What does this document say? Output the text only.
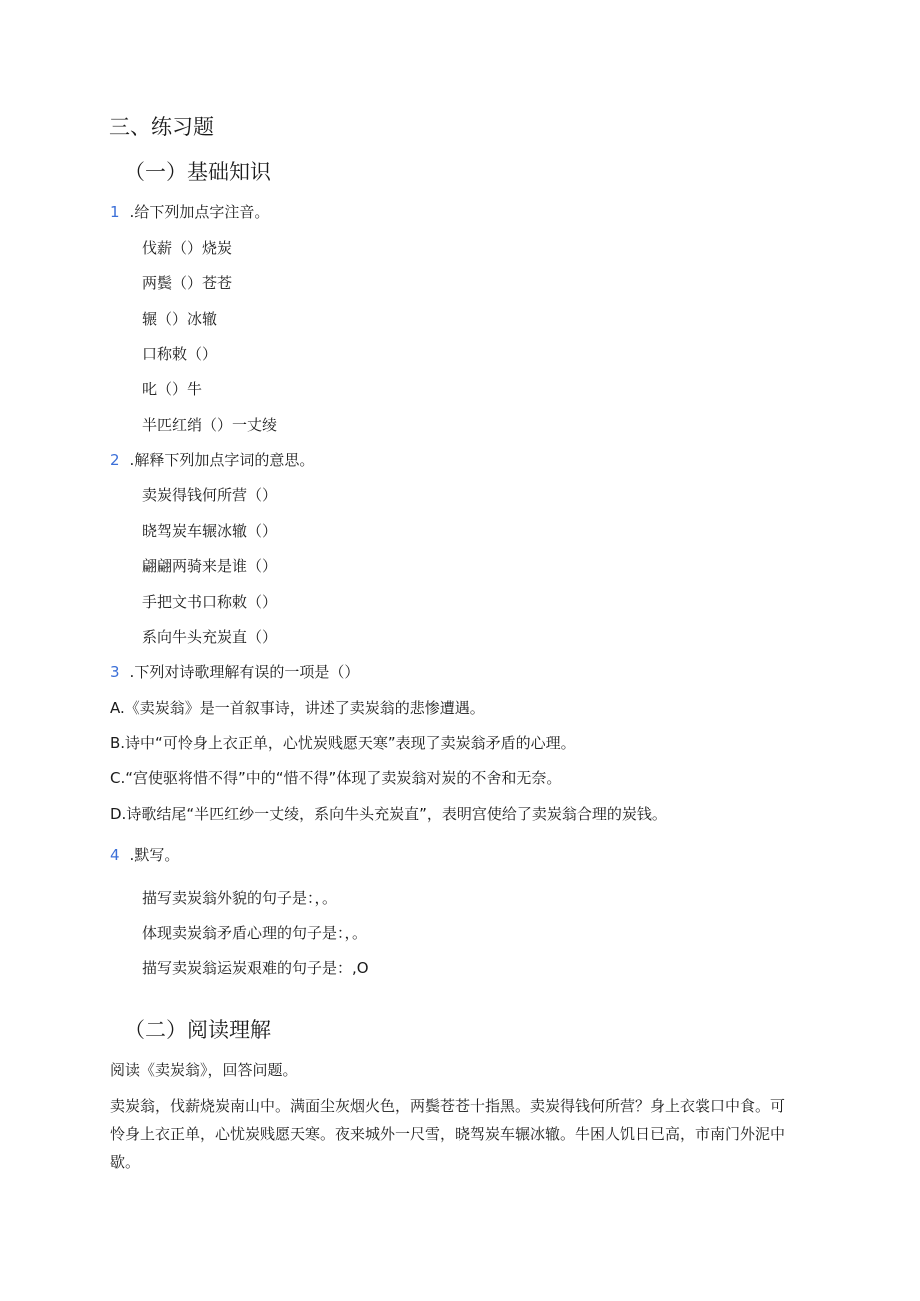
三、练习题
（一）基础知识
1 .给下列加点字注音。
伐薪（）烧炭
两鬓（）苍苍
辗（）冰辙
口称敕（）
叱（）牛
半匹红绡（）一丈绫
2 .解释下列加点字词的意思。
卖炭得钱何所营（）
晓驾炭车辗冰辙（）
翩翩两骑来是谁（）
手把文书口称敕（）
系向牛头充炭直（）
3 .下列对诗歌理解有误的一项是（）
A.《卖炭翁》是一首叙事诗，讲述了卖炭翁的悲惨遭遇。
B.诗中“可怜身上衣正单，心忧炭贱愿天寒”表现了卖炭翁矛盾的心理。
C.“宫使驱将惜不得”中的“惜不得”体现了卖炭翁对炭的不舍和无奈。
D.诗歌结尾“半匹红纱一丈绫，系向牛头充炭直”，表明宫使给了卖炭翁合理的炭钱。
4 .默写。
描写卖炭翁外貌的句子是：，。
体现卖炭翁矛盾心理的句子是：，。
描写卖炭翁运炭艰难的句子是：,O
（二）阅读理解
阅读《卖炭翁》，回答问题。
卖炭翁，伐薪烧炭南山中。满面尘灰烟火色，两鬓苍苍十指黑。卖炭得钱何所营？身上衣裳口中食。可
怜身上衣正单，心忧炭贱愿天寒。夜来城外一尺雪，晓驾炭车辗冰辙。牛困人饥日已高，市南门外泥中
歇。
